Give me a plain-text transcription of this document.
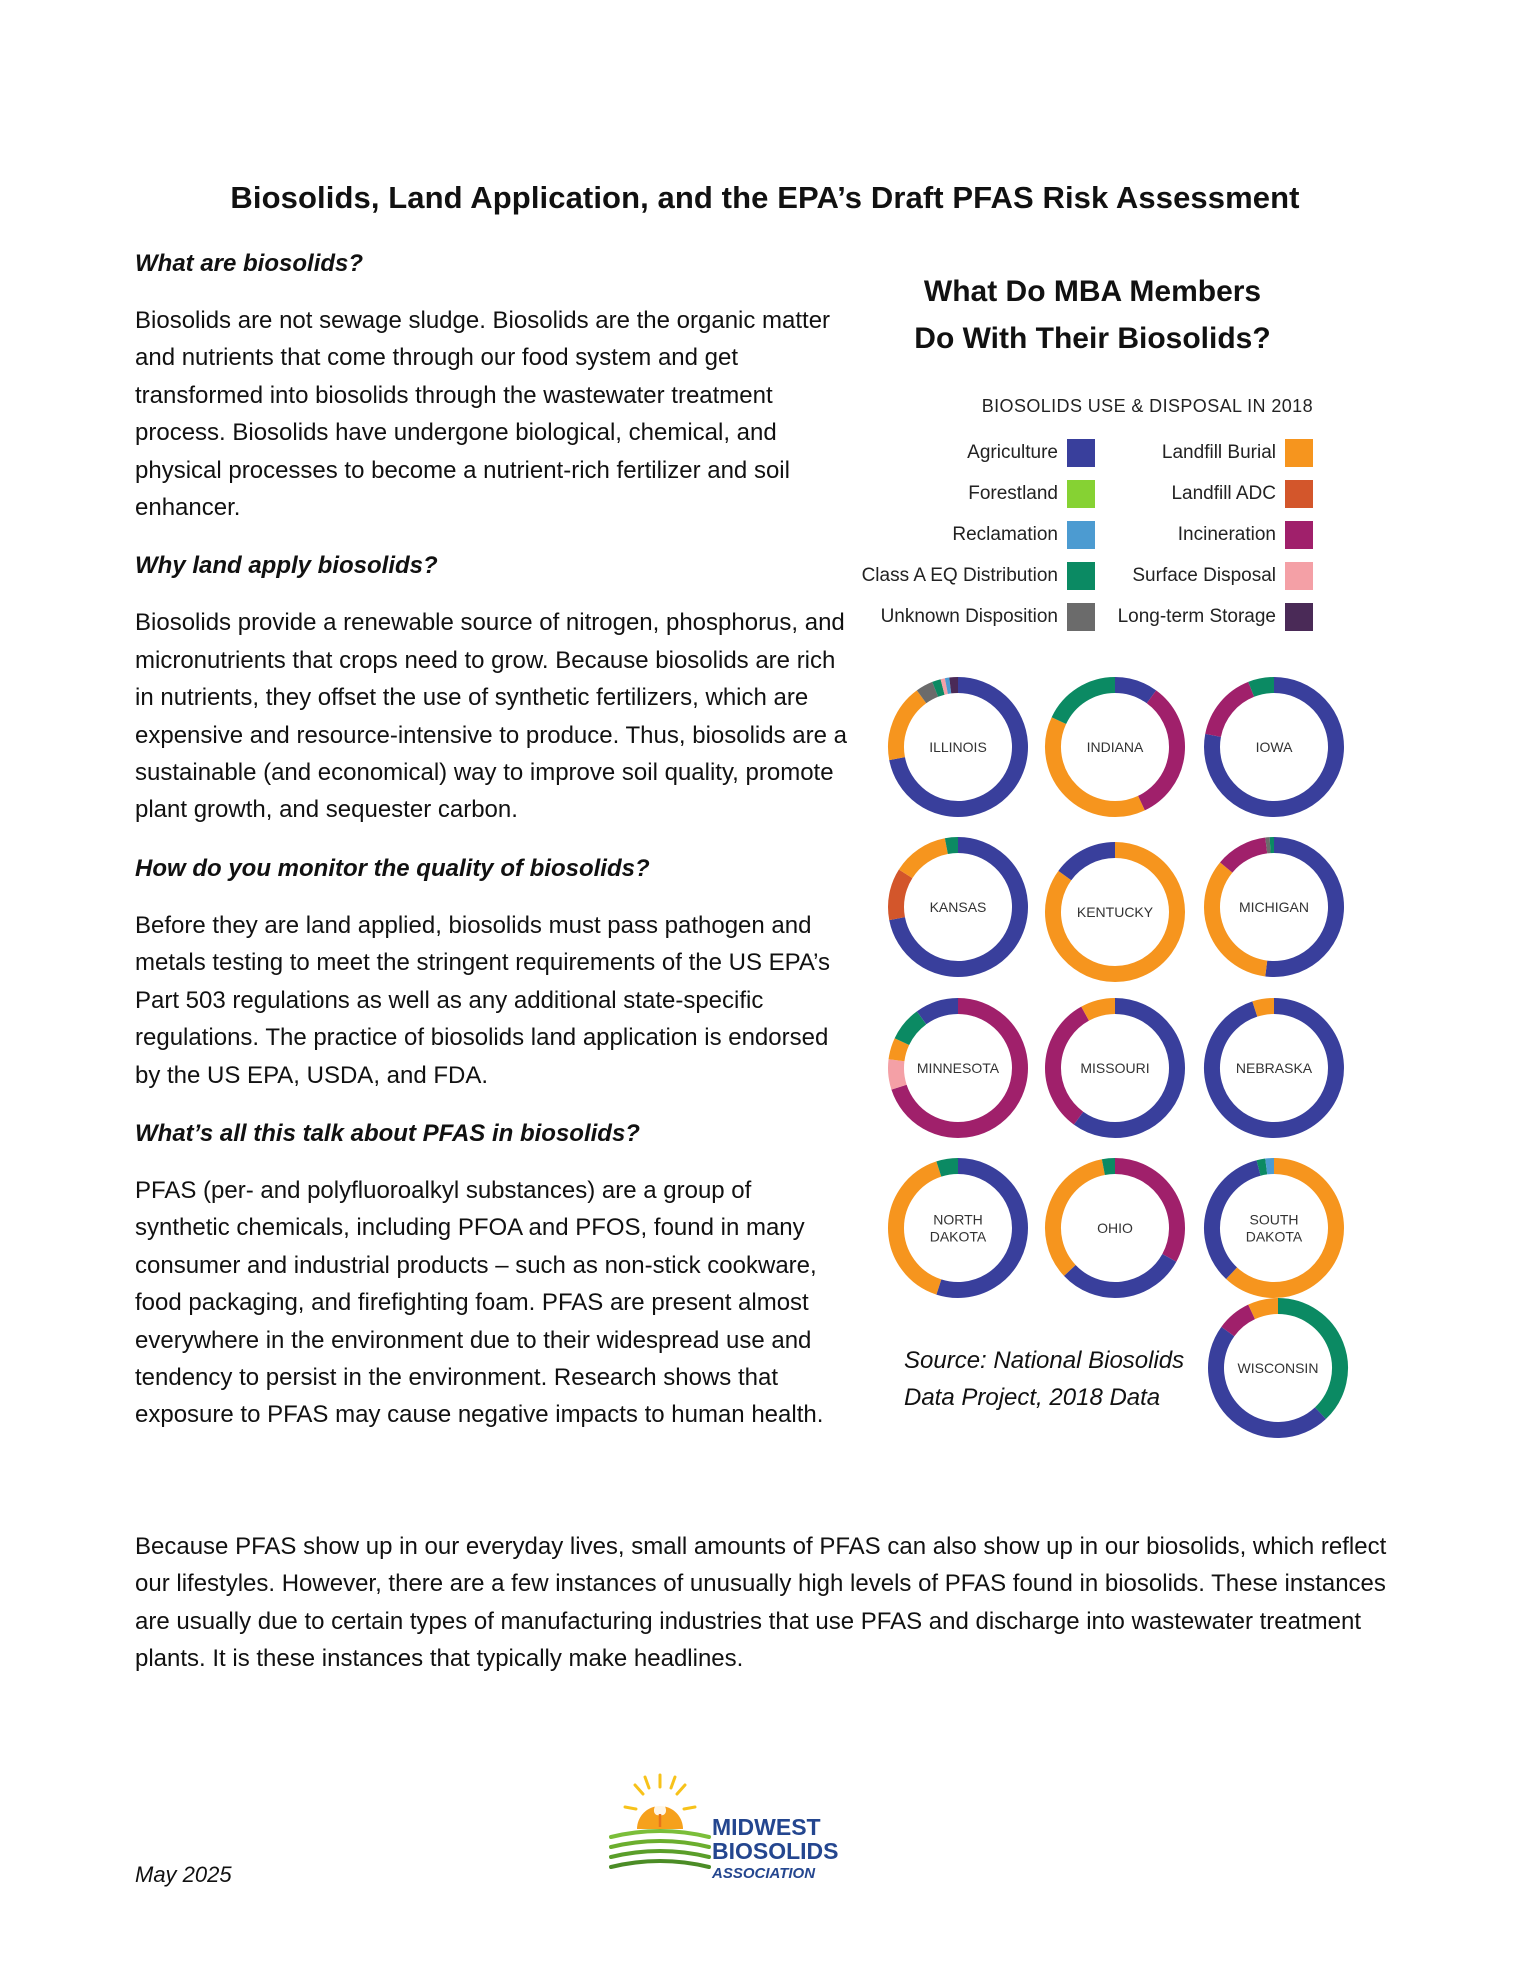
Biosolids, Land Application, and the EPA’s Draft PFAS Risk Assessment
What are biosolids?
Biosolids are not sewage sludge. Biosolids are the organic matter and nutrients that come through our food system and get transformed into biosolids through the wastewater treatment process. Biosolids have undergone biological, chemical, and physical processes to become a nutrient-rich fertilizer and soil enhancer.
Why land apply biosolids?
Biosolids provide a renewable source of nitrogen, phosphorus, and micronutrients that crops need to grow. Because biosolids are rich in nutrients, they offset the use of synthetic fertilizers, which are expensive and resource-intensive to produce. Thus, biosolids are a sustainable (and economical) way to improve soil quality, promote plant growth, and sequester carbon.
How do you monitor the quality of biosolids?
Before they are land applied, biosolids must pass pathogen and metals testing to meet the stringent requirements of the US EPA’s Part 503 regulations as well as any additional state-specific regulations. The practice of biosolids land application is endorsed by the US EPA, USDA, and FDA.
What’s all this talk about PFAS in biosolids?
PFAS (per- and polyfluoroalkyl substances) are a group of synthetic chemicals, including PFOA and PFOS, found in many consumer and industrial products – such as non-stick cookware, food packaging, and firefighting foam. PFAS are present almost everywhere in the environment due to their widespread use and tendency to persist in the environment. Research shows that exposure to PFAS may cause negative impacts to human health.

Because PFAS show up in our everyday lives, small amounts of PFAS can also show up in our biosolids, which reflect our lifestyles. However, there are a few instances of unusually high levels of PFAS found in biosolids. These instances are usually due to certain types of manufacturing industries that use PFAS and discharge into wastewater treatment plants. It is these instances that typically make headlines.

What Do MBA Members
Do With Their Biosolids?
BIOSOLIDS USE & DISPOSAL IN 2018
Agriculture
Forestland
Reclamation
Class A EQ Distribution
Unknown Disposition
Landfill Burial
Landfill ADC
Incineration
Surface Disposal
Long-term Storage
ILLINOIS	INDIANA	IOWA
KANSAS	KENTUCKY	MICHIGAN
MINNESOTA	MISSOURI	NEBRASKA
NORTH
DAKOTA
OHIO
SOUTH
DAKOTA
WISCONSIN
Source: National Biosolids Data Project, 2018 Data
May 2025
MIDWEST
BIOSOLIDS
ASSOCIATION
